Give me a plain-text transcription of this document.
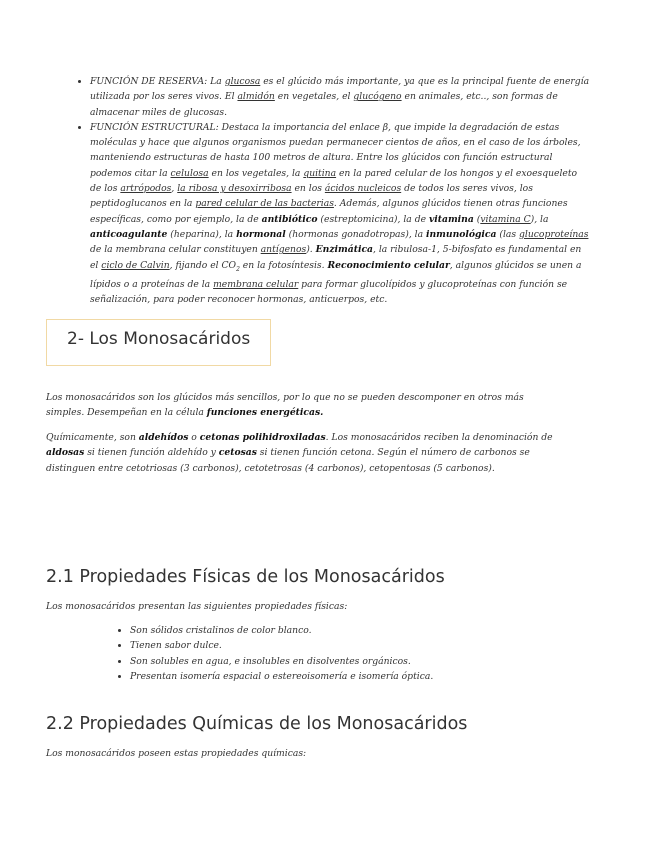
• FUNCIÓN DE RESERVA: La glucosa es el glúcido más importante, ya que es la principal fuente de energía utilizada por los seres vivos. El almidón en vegetales, el glucógeno en animales, etc.., son formas de almacenar miles de glucosas.
• FUNCIÓN ESTRUCTURAL: Destaca la importancia del enlace β, que impide la degradación de estas moléculas y hace que algunos organismos puedan permanecer cientos de años, en el caso de los árboles, manteniendo estructuras de hasta 100 metros de altura. Entre los glúcidos con función estructural podemos citar la celulosa en los vegetales, la quitina en la pared celular de los hongos y el exoesqueleto de los artrópodos, la ribosa y desoxirribosa en los ácidos nucleicos de todos los seres vivos, los peptidoglucanos en la pared celular de las bacterias. Además, algunos glúcidos tienen otras funciones específicas, como por ejemplo, la de antibiótico (estreptomicina), la de vitamina (vitamina C), la anticoagulante (heparina), la hormonal (hormonas gonadotropas), la inmunológica (las glucoproteínas de la membrana celular constituyen antígenos). Enzimática, la ribulosa-1, 5-bifosfato es fundamental en el ciclo de Calvin, fijando el $CO_2$ en la fotosíntesis. Reconocimiento celular, algunos glúcidos se unen a lípidos o a proteínas de la membrana celular para formar glucolípidos y glucoproteínas con función se señalización, para poder reconocer hormonas, anticuerpos, etc.
2- Los Monosacáridos

Los monosacáridos son los glúcidos más sencillos, por lo que no se pueden descomponer en otros más simples. Desempeñan en la célula funciones energéticas.

Químicamente, son aldehídos o cetonas polihidroxiladas. Los monosacáridos reciben la denominación de aldosas si tienen función aldehído y cetosas si tienen función cetona. Según el número de carbonos se distinguen entre cetotriosas (3 carbonos), cetotetrosas (4 carbonos), cetopentosas (5 carbonos).

2.1 Propiedades Físicas de los Monosacáridos

Los monosacáridos presentan las siguientes propiedades físicas:

• Son sólidos cristalinos de color blanco.
• Tienen sabor dulce.
• Son solubles en agua, e insolubles en disolventes orgánicos.
• Presentan isomería espacial o estereoisomería e isomería óptica.
2.2 Propiedades Químicas de los Monosacáridos

Los monosacáridos poseen estas propiedades químicas:
